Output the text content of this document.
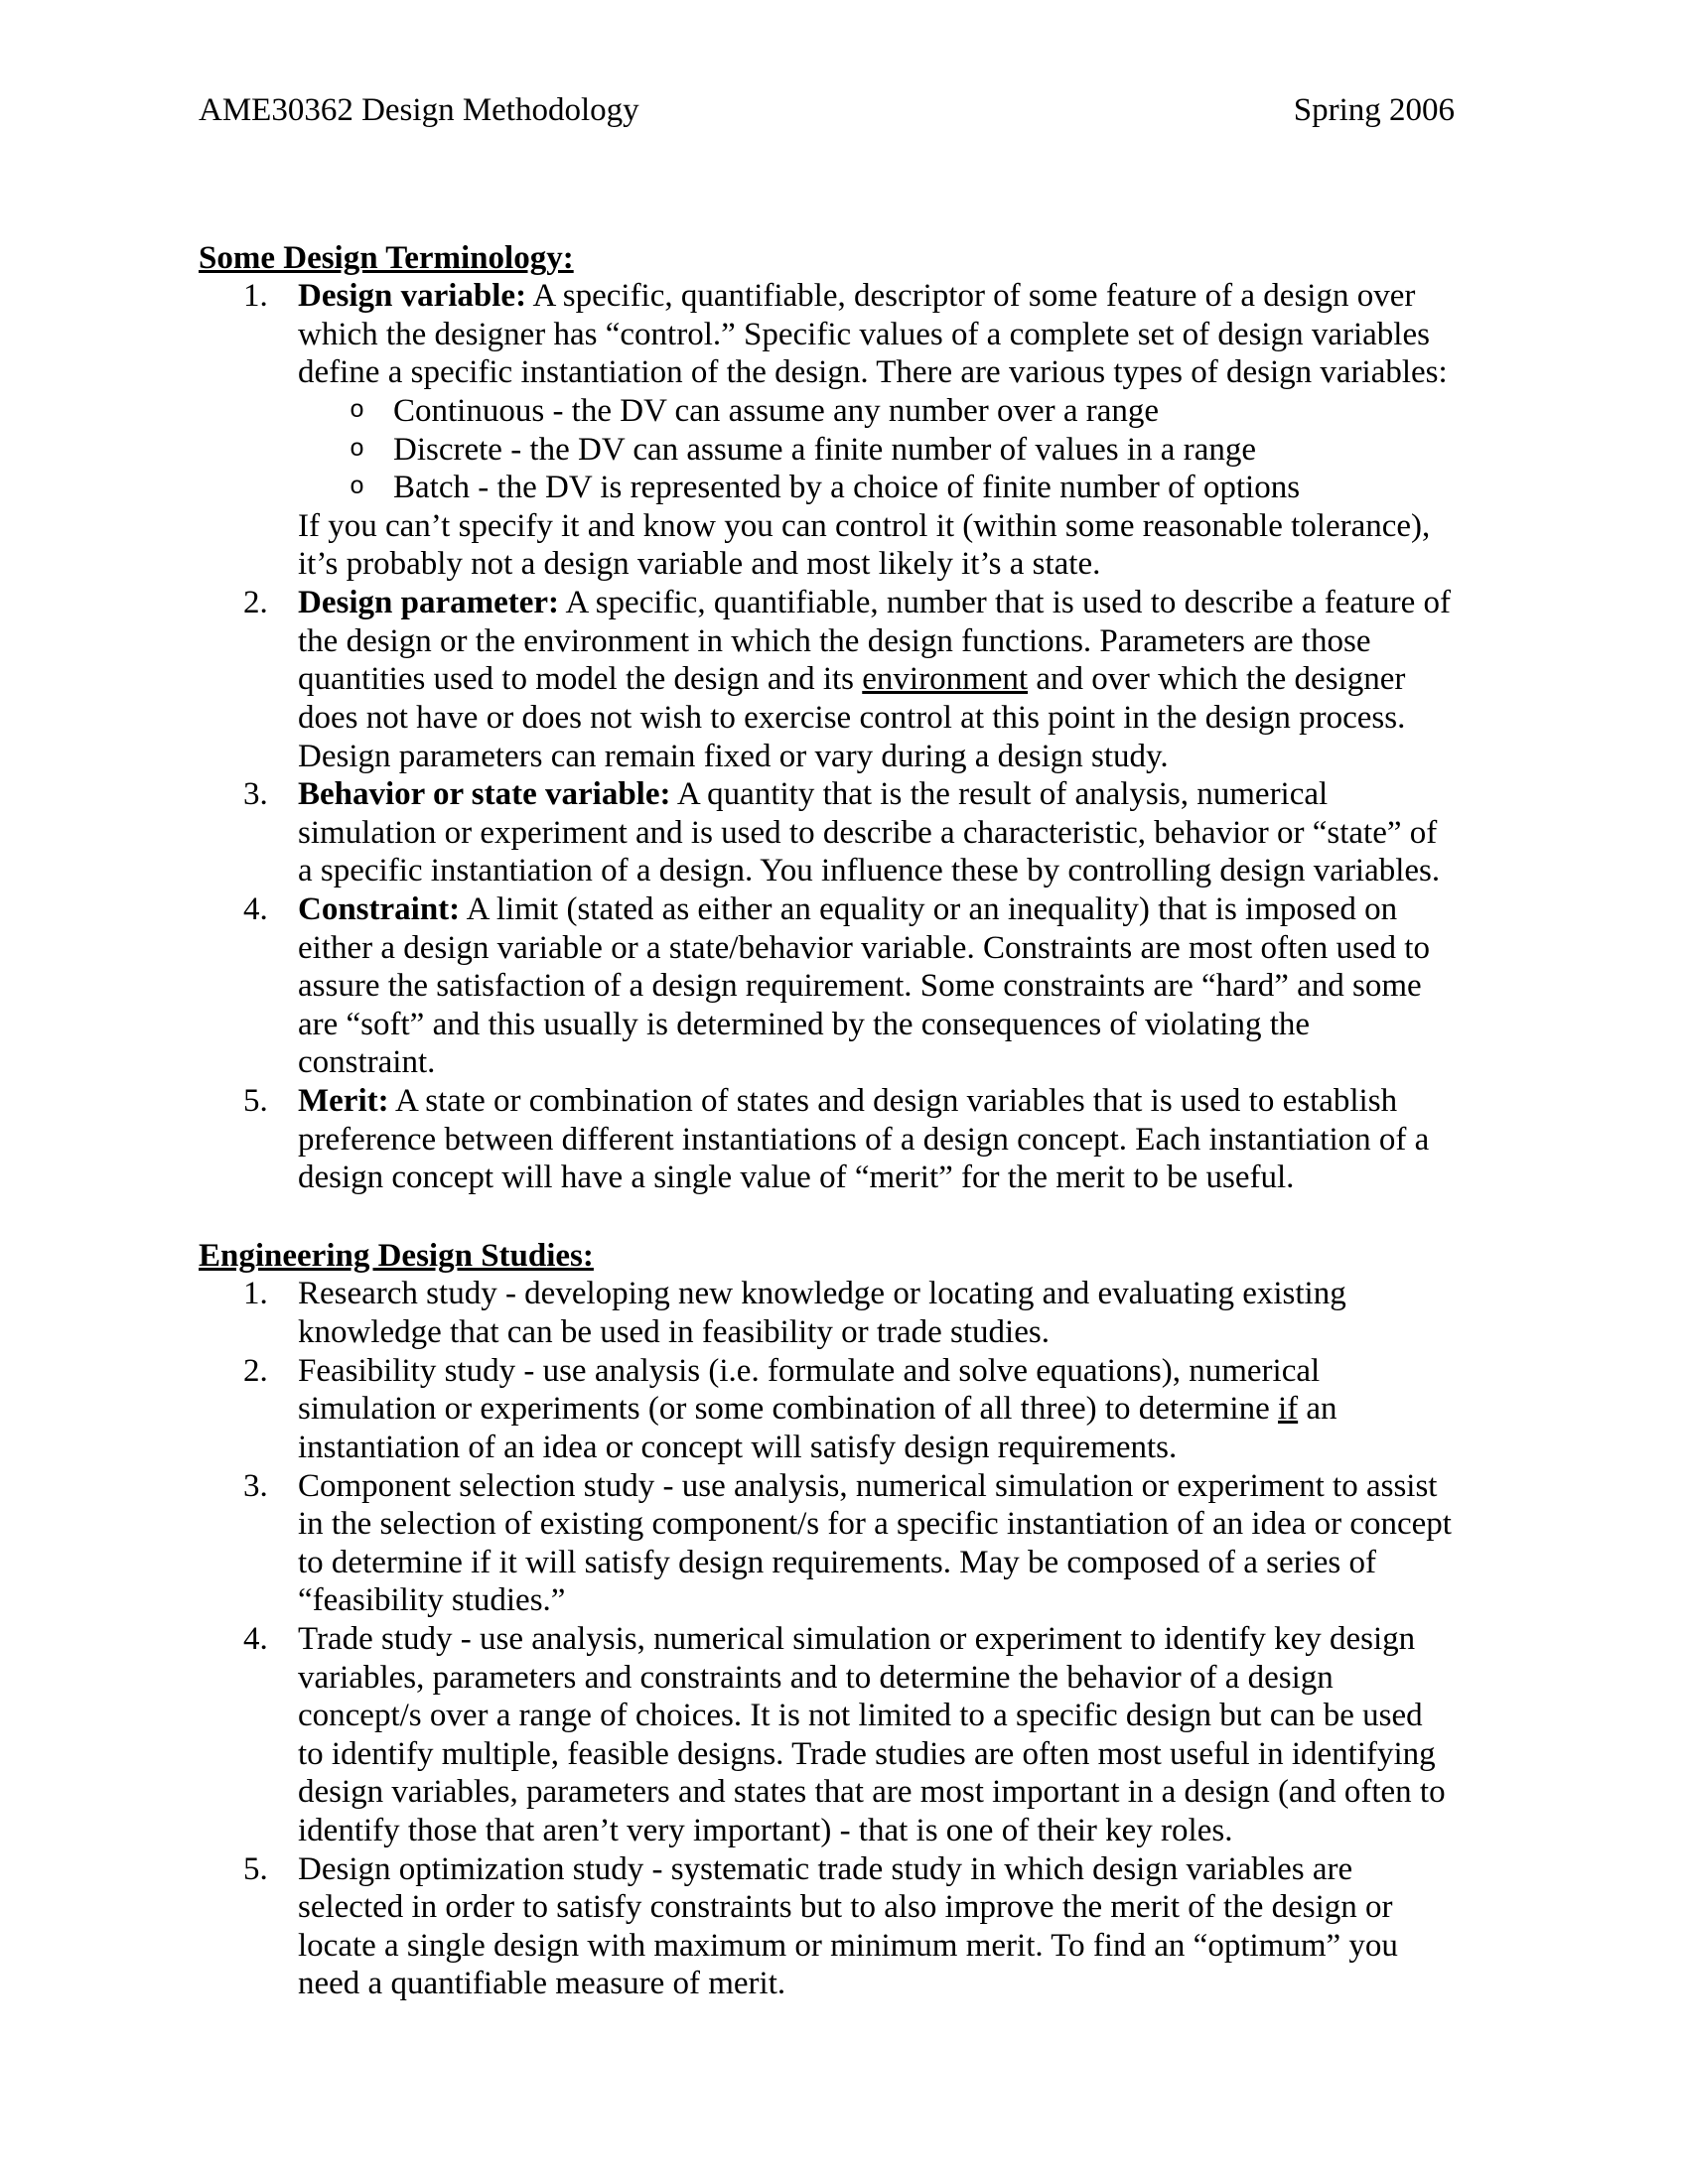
AME30362 Design Methodology	Spring 2006
Some Design Terminology:
1. Design variable: A specific, quantifiable, descriptor of some feature of a design over which the designer has “control.” Specific values of a complete set of design variables define a specific instantiation of the design. There are various types of design variables:

o Continuous - the DV can assume any number over a range
o Discrete - the DV can assume a finite number of values in a range
o Batch - the DV is represented by a choice of finite number of options

If you can’t specify it and know you can control it (within some reasonable tolerance), it’s probably not a design variable and most likely it’s a state.

2. Design parameter: A specific, quantifiable, number that is used to describe a feature of the design or the environment in which the design functions. Parameters are those quantities used to model the design and its environment and over which the designer does not have or does not wish to exercise control at this point in the design process. Design parameters can remain fixed or vary during a design study.

3. Behavior or state variable: A quantity that is the result of analysis, numerical simulation or experiment and is used to describe a characteristic, behavior or “state” of a specific instantiation of a design. You influence these by controlling design variables.

4. Constraint: A limit (stated as either an equality or an inequality) that is imposed on either a design variable or a state/behavior variable. Constraints are most often used to assure the satisfaction of a design requirement. Some constraints are “hard” and some are “soft” and this usually is determined by the consequences of violating the constraint.

5. Merit: A state or combination of states and design variables that is used to establish preference between different instantiations of a design concept. Each instantiation of a design concept will have a single value of “merit” for the merit to be useful.

Engineering Design Studies:
1. Research study - developing new knowledge or locating and evaluating existing knowledge that can be used in feasibility or trade studies.

2. Feasibility study - use analysis (i.e. formulate and solve equations), numerical simulation or experiments (or some combination of all three) to determine if an instantiation of an idea or concept will satisfy design requirements.

3. Component selection study - use analysis, numerical simulation or experiment to assist in the selection of existing component/s for a specific instantiation of an idea or concept to determine if it will satisfy design requirements. May be composed of a series of “feasibility studies.”

4. Trade study - use analysis, numerical simulation or experiment to identify key design variables, parameters and constraints and to determine the behavior of a design concept/s over a range of choices. It is not limited to a specific design but can be used to identify multiple, feasible designs. Trade studies are often most useful in identifying design variables, parameters and states that are most important in a design (and often to identify those that aren’t very important) - that is one of their key roles.

5. Design optimization study - systematic trade study in which design variables are selected in order to satisfy constraints but to also improve the merit of the design or locate a single design with maximum or minimum merit. To find an “optimum” you need a quantifiable measure of merit.
